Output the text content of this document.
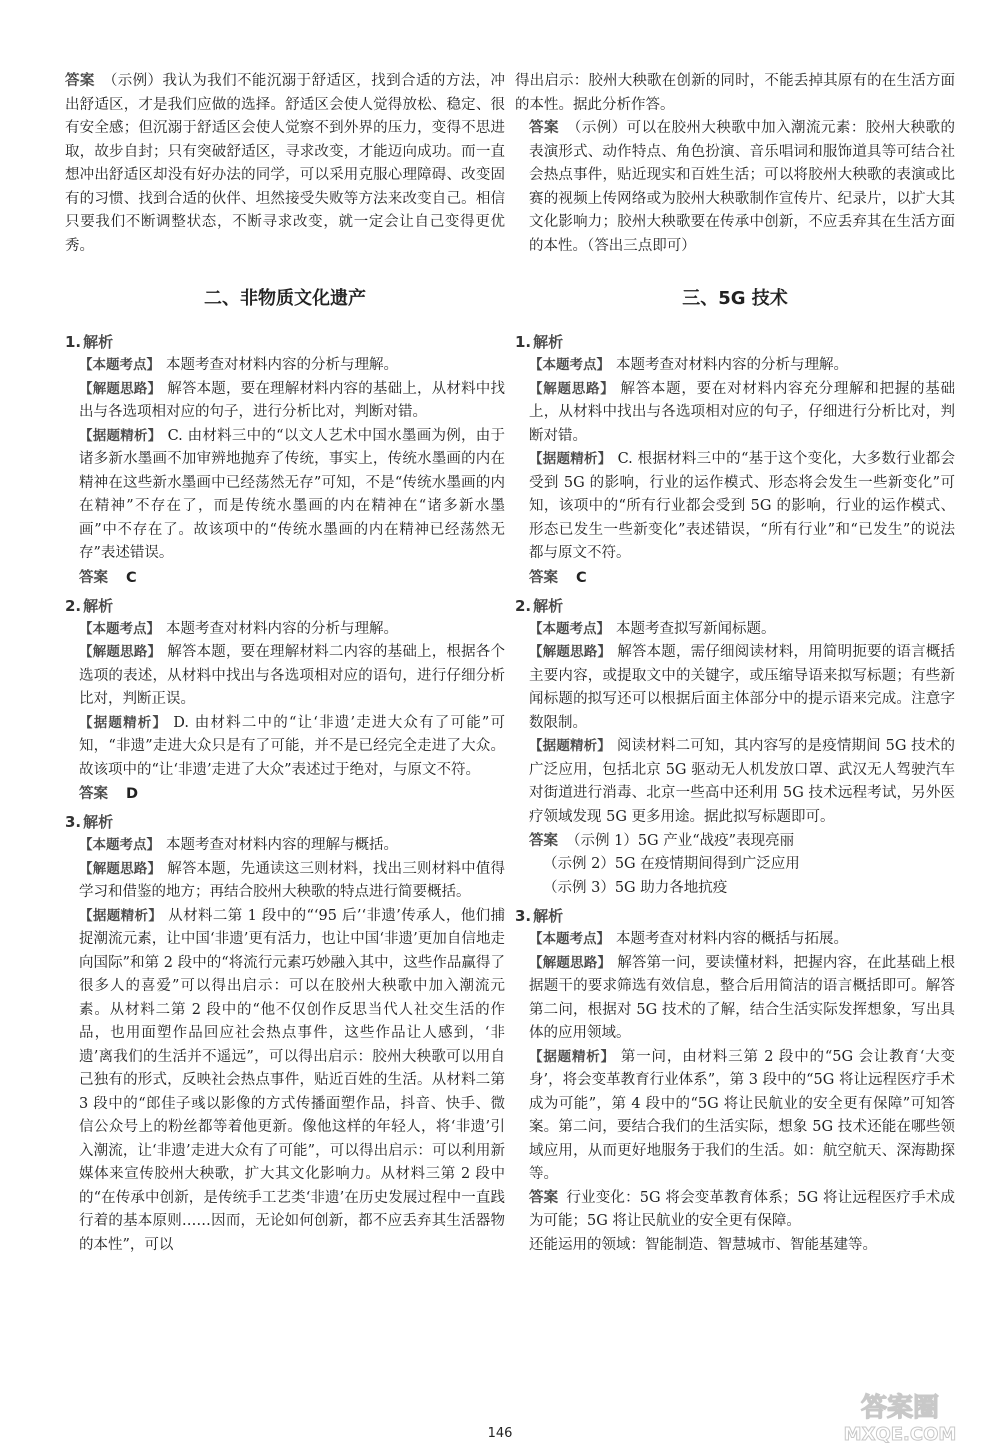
答案 （示例）我认为我们不能沉溺于舒适区，找到合适的方法，冲出舒适区，才是我们应做的选择。舒适区会使人觉得放松、稳定、很有安全感；但沉溺于舒适区会使人觉察不到外界的压力，变得不思进取，故步自封；只有突破舒适区，寻求改变，才能迈向成功。而一直想冲出舒适区却没有好办法的同学，可以采用克服心理障碍、改变固有的习惯、找到合适的伙伴、坦然接受失败等方法来改变自己。相信只要我们不断调整状态，不断寻求改变，就一定会让自己变得更优秀。

二、非物质文化遗产
1. 解析

【本题考点】 本题考查对材料内容的分析与理解。

【解题思路】 解答本题，要在理解材料内容的基础上，从材料中找出与各选项相对应的句子，进行分析比对，判断对错。

【据题精析】 C. 由材料三中的“以文人艺术中国水墨画为例，由于诸多新水墨画不加审辨地抛弃了传统，事实上，传统水墨画的内在精神在这些新水墨画中已经荡然无存”可知，不是“传统水墨画的内在精神”不存在了，而是传统水墨画的内在精神在“诸多新水墨画”中不存在了。故该项中的“传统水墨画的内在精神已经荡然无存”表述错误。

答案 C
2. 解析

【本题考点】 本题考查对材料内容的分析与理解。

【解题思路】 解答本题，要在理解材料二内容的基础上，根据各个选项的表述，从材料中找出与各选项相对应的语句，进行仔细分析比对，判断正误。

【据题精析】 D. 由材料二中的“让‘非遗’走进大众有了可能”可知，“非遗”走进大众只是有了可能，并不是已经完全走进了大众。故该项中的“让‘非遗’走进了大众”表述过于绝对，与原文不符。

答案 D
3. 解析

【本题考点】 本题考查对材料内容的理解与概括。

【解题思路】 解答本题，先通读这三则材料，找出三则材料中值得学习和借鉴的地方；再结合胶州大秧歌的特点进行简要概括。

【据题精析】 从材料二第 1 段中的“‘95 后’‘非遗’传承人，他们捕捉潮流元素，让中国‘非遗’更有活力，也让中国‘非遗’更加自信地走向国际”和第 2 段中的“将流行元素巧妙融入其中，这些作品赢得了很多人的喜爱”可以得出启示：可以在胶州大秧歌中加入潮流元素。从材料二第 2 段中的“他不仅创作反思当代人社交生活的作品，也用面塑作品回应社会热点事件，这些作品让人感到，‘非遗’离我们的生活并不遥远”，可以得出启示：胶州大秧歌可以用自己独有的形式，反映社会热点事件，贴近百姓的生活。从材料二第 3 段中的“郎佳子彧以影像的方式传播面塑作品，抖音、快手、微信公众号上的粉丝都等着他更新。像他这样的年轻人，将‘非遗’引入潮流，让‘非遗’走进大众有了可能”，可以得出启示：可以利用新媒体来宣传胶州大秧歌，扩大其文化影响力。从材料三第 2 段中的“在传承中创新，是传统手工艺类‘非遗’在历史发展过程中一直践行着的基本原则……因而，无论如何创新，都不应丢弃其生活器物的本性”，可以

得出启示：胶州大秧歌在创新的同时，不能丢掉其原有的在生活方面的本性。据此分析作答。

答案 （示例）可以在胶州大秧歌中加入潮流元素：胶州大秧歌的表演形式、动作特点、角色扮演、音乐唱词和服饰道具等可结合社会热点事件，贴近现实和百姓生活；可以将胶州大秧歌的表演或比赛的视频上传网络或为胶州大秧歌制作宣传片、纪录片，以扩大其文化影响力；胶州大秧歌要在传承中创新，不应丢弃其在生活方面的本性。（答出三点即可）

三、5G 技术
1. 解析

【本题考点】 本题考查对材料内容的分析与理解。

【解题思路】 解答本题，要在对材料内容充分理解和把握的基础上，从材料中找出与各选项相对应的句子，仔细进行分析比对，判断对错。

【据题精析】 C. 根据材料三中的“基于这个变化，大多数行业都会受到 5G 的影响，行业的运作模式、形态将会发生一些新变化”可知，该项中的“所有行业都会受到 5G 的影响，行业的运作模式、形态已发生一些新变化”表述错误，“所有行业”和“已发生”的说法都与原文不符。

答案 C
2. 解析

【本题考点】 本题考查拟写新闻标题。

【解题思路】 解答本题，需仔细阅读材料，用简明扼要的语言概括主要内容，或提取文中的关键字，或压缩导语来拟写标题；有些新闻标题的拟写还可以根据后面主体部分中的提示语来完成。注意字数限制。

【据题精析】 阅读材料二可知，其内容写的是疫情期间 5G 技术的广泛应用，包括北京 5G 驱动无人机发放口罩、武汉无人驾驶汽车对街道进行消毒、北京一些高中还利用 5G 技术远程考试，另外医疗领域发现 5G 更多用途。据此拟写标题即可。

答案 （示例 1）5G 产业“战疫”表现亮丽

（示例 2）5G 在疫情期间得到广泛应用

（示例 3）5G 助力各地抗疫

3. 解析

【本题考点】 本题考查对材料内容的概括与拓展。

【解题思路】 解答第一问，要读懂材料，把握内容，在此基础上根据题干的要求筛选有效信息，整合后用简洁的语言概括即可。解答第二问，根据对 5G 技术的了解，结合生活实际发挥想象，写出具体的应用领域。

【据题精析】 第一问，由材料三第 2 段中的“5G 会让教育‘大变身’，将会变革教育行业体系”，第 3 段中的“5G 将让远程医疗手术成为可能”，第 4 段中的“5G 将让民航业的安全更有保障”可知答案。第二问，要结合我们的生活实际，想象 5G 技术还能在哪些领域应用，从而更好地服务于我们的生活。如：航空航天、深海勘探等。

答案 行业变化：5G 将会变革教育体系；5G 将让远程医疗手术成为可能；5G 将让民航业的安全更有保障。

还能运用的领域：智能制造、智慧城市、智能基建等。

146
答案圈
MXQE.COM
